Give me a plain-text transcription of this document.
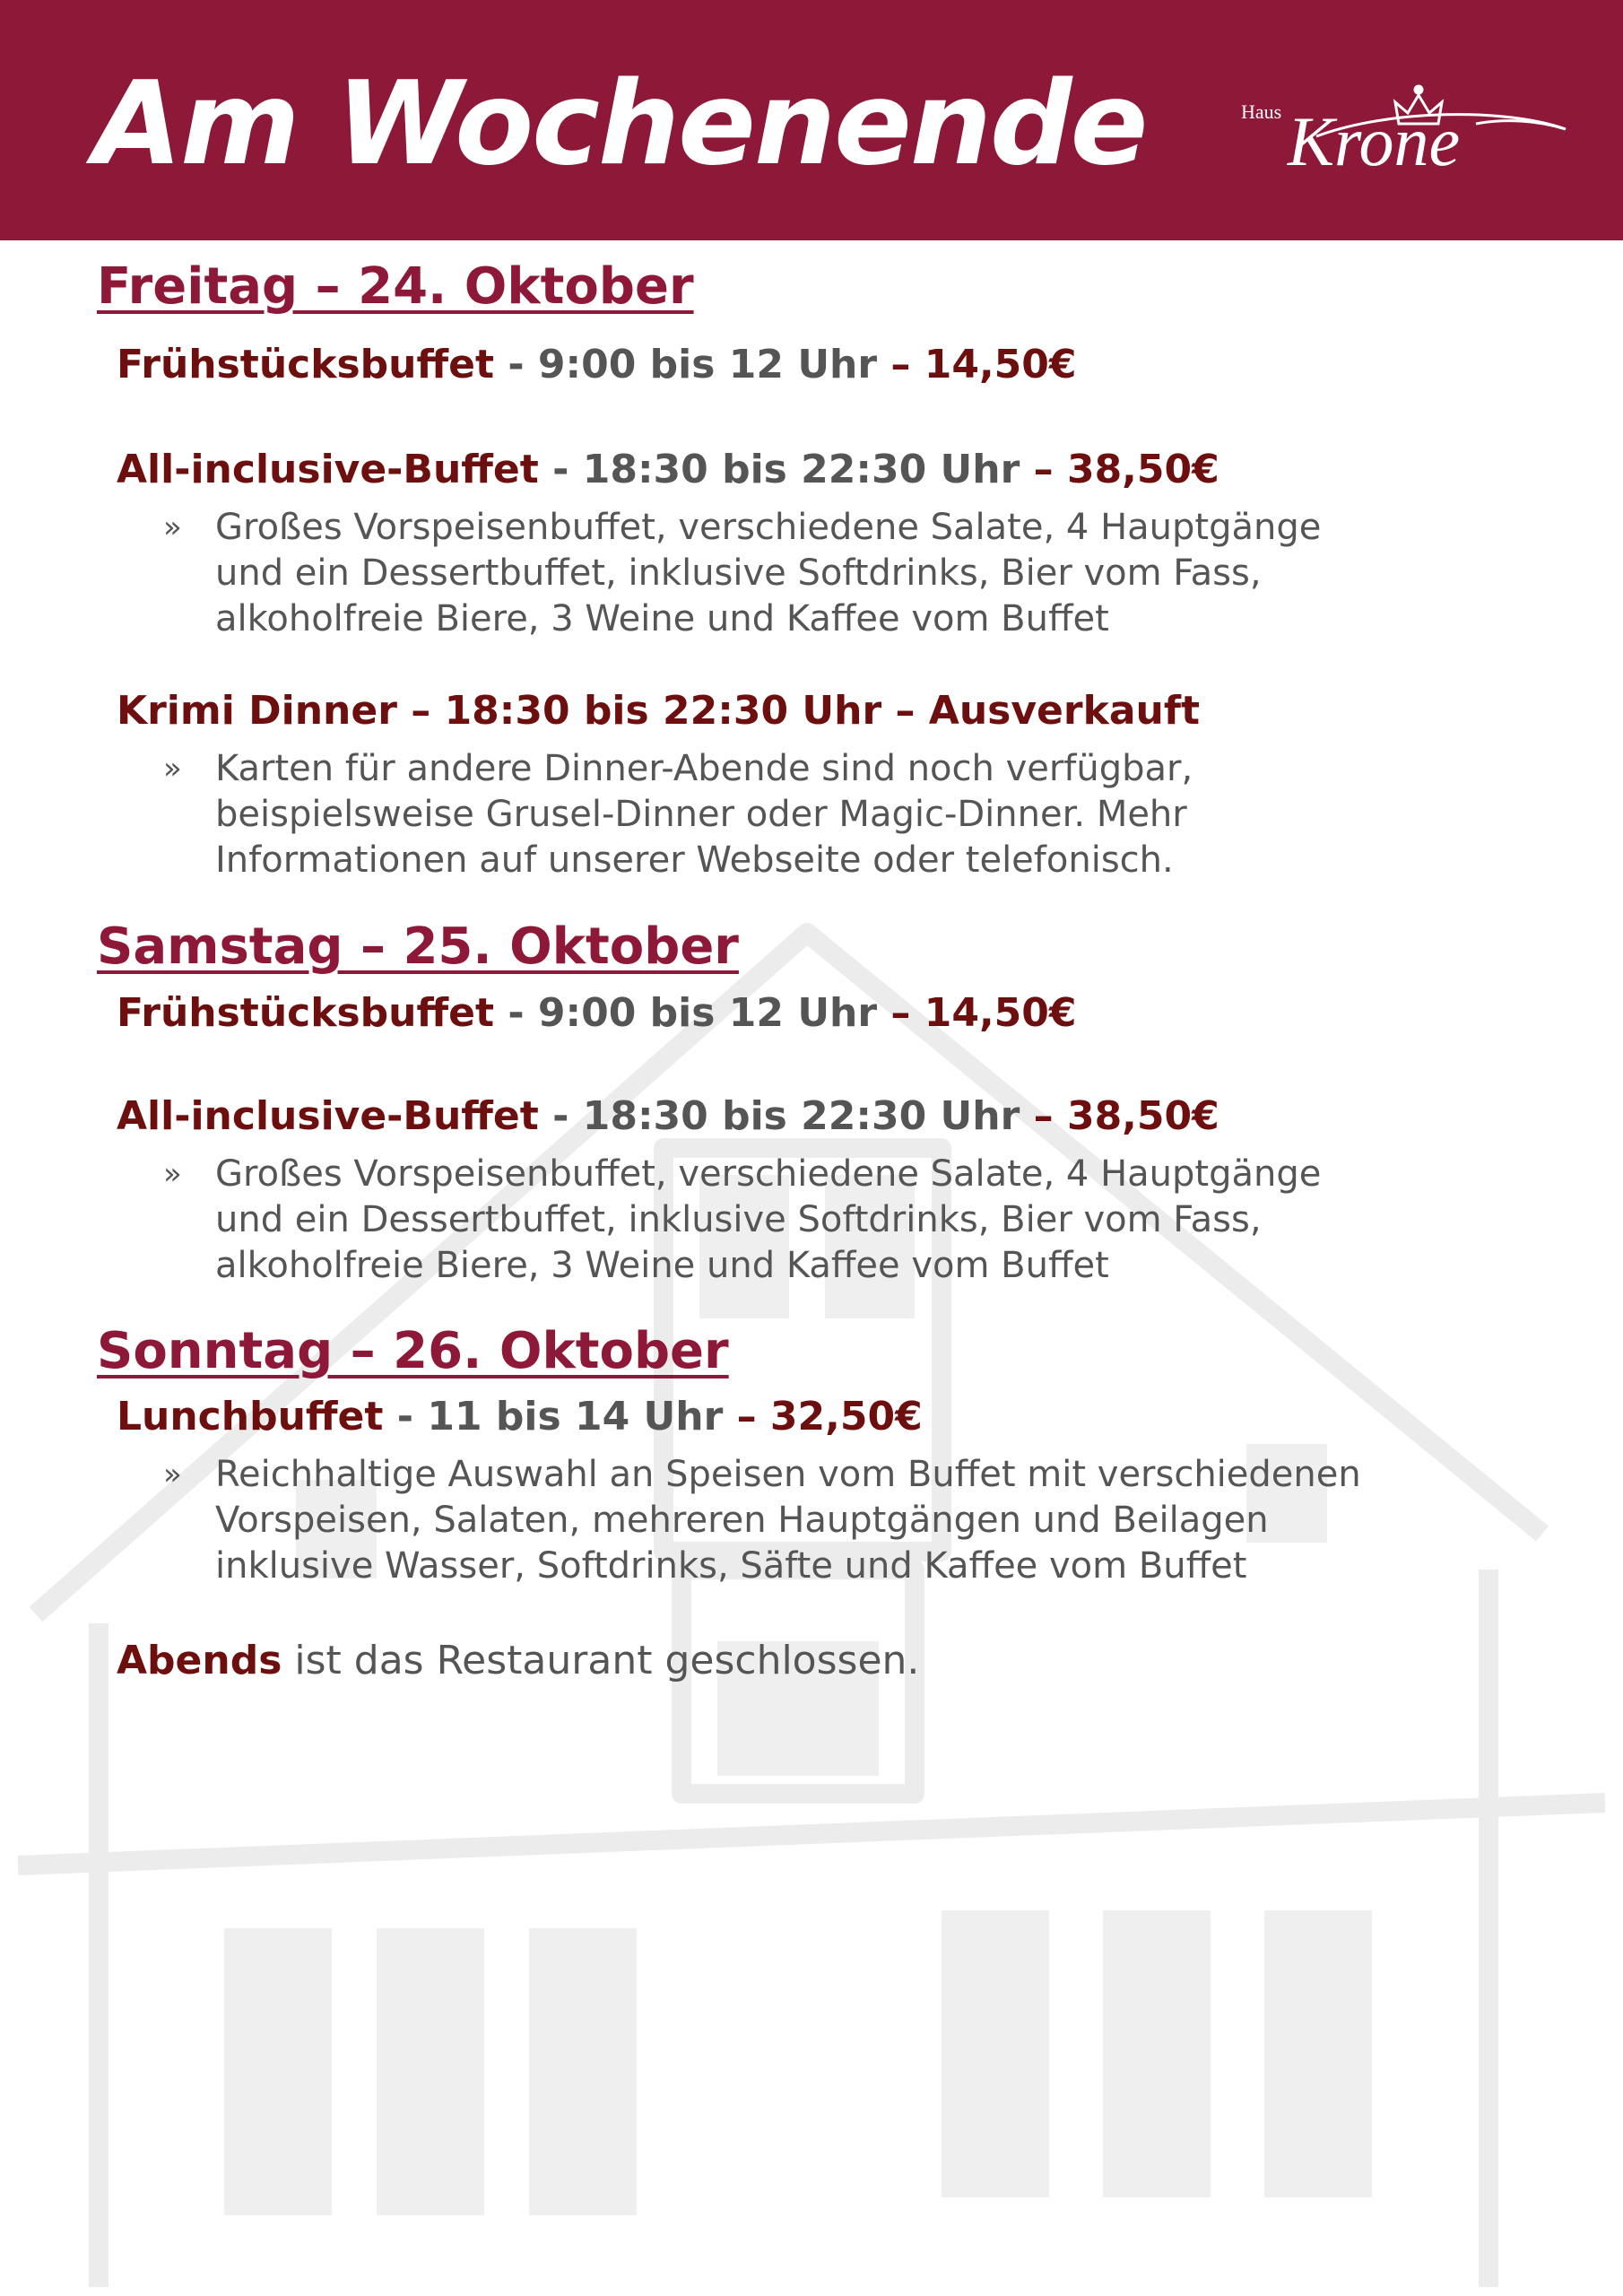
Am Wochenende	Haus Krone
Freitag – 24. Oktober

Frühstücksbuffet - 9:00 bis 12 Uhr – 14,50€

All-inclusive-Buffet - 18:30 bis 22:30 Uhr – 38,50€

» Großes Vorspeisenbuffet, verschiedene Salate, 4 Hauptgänge und ein Dessertbuffet, inklusive Softdrinks, Bier vom Fass, alkoholfreie Biere, 3 Weine und Kaffee vom Buffet

Krimi Dinner – 18:30 bis 22:30 Uhr – Ausverkauft

» Karten für andere Dinner-Abende sind noch verfügbar, beispielsweise Grusel-Dinner oder Magic-Dinner. Mehr Informationen auf unserer Webseite oder telefonisch.
Samstag – 25. Oktober

Frühstücksbuffet - 9:00 bis 12 Uhr – 14,50€

All-inclusive-Buffet - 18:30 bis 22:30 Uhr – 38,50€

» Großes Vorspeisenbuffet, verschiedene Salate, 4 Hauptgänge und ein Dessertbuffet, inklusive Softdrinks, Bier vom Fass, alkoholfreie Biere, 3 Weine und Kaffee vom Buffet
Sonntag – 26. Oktober

Lunchbuffet - 11 bis 14 Uhr – 32,50€

» Reichhaltige Auswahl an Speisen vom Buffet mit verschiedenen Vorspeisen, Salaten, mehreren Hauptgängen und Beilagen inklusive Wasser, Softdrinks, Säfte und Kaffee vom Buffet

Abends ist das Restaurant geschlossen.
